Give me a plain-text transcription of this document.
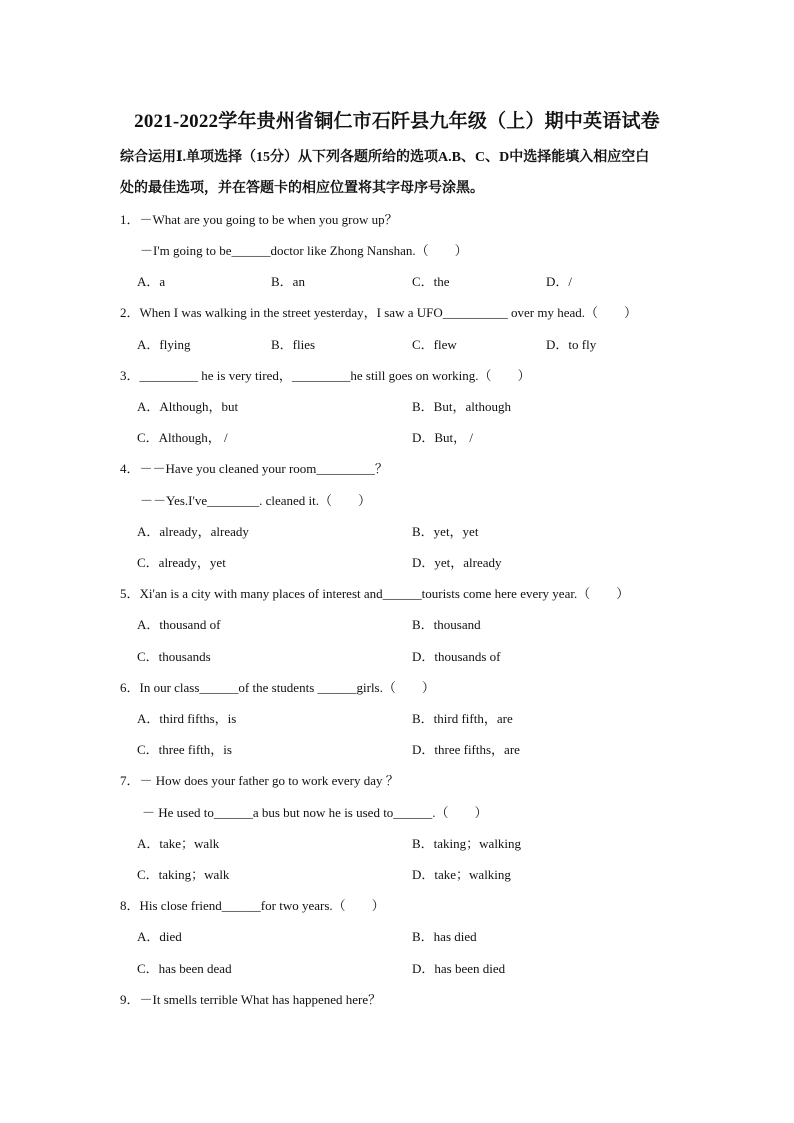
2021-2022学年贵州省铜仁市石阡县九年级（上）期中英语试卷
综合运用Ⅰ.单项选择（15分）从下列各题所给的选项A.B、C、D中选择能填入相应空白
处的最佳选项，并在答题卡的相应位置将其字母序号涂黑。
1．－What are you going to be when you grow up？
－I'm going to be______doctor like Zhong Nanshan.（　　）
A．a	B．an	C．the	D．/
2．When I was walking in the street yesterday，I saw a UFO__________ over my head.（　　）
A．flying	B．flies	C．flew	D．to fly
3．_________ he is very tired，_________he still goes on working.（　　）
A．Although，but	B．But，although
C．Although， /	D．But， /
4．－－Have you cleaned your room_________？
－－Yes.I've________. cleaned it.（　　）
A．already，already	B．yet，yet
C．already，yet	D．yet，already
5．Xi'an is a city with many places of interest and______tourists come here every year.（　　）
A．thousand of	B．thousand
C．thousands	D．thousands of
6．In our class______of the students ______girls.（　　）
A．third fifths，is	B．third fifth，are
C．three fifth，is	D．three fifths，are
7．－ How does your father go to work every day ？
－ He used to______a bus but now he is used to______.（　　）
A．take；walk	B．taking；walking
C．taking；walk	D．take；walking
8．His close friend______for two years.（　　）
A．died	B．has died
C．has been dead	D．has been died
9．－It smells terrible What has happened here？
